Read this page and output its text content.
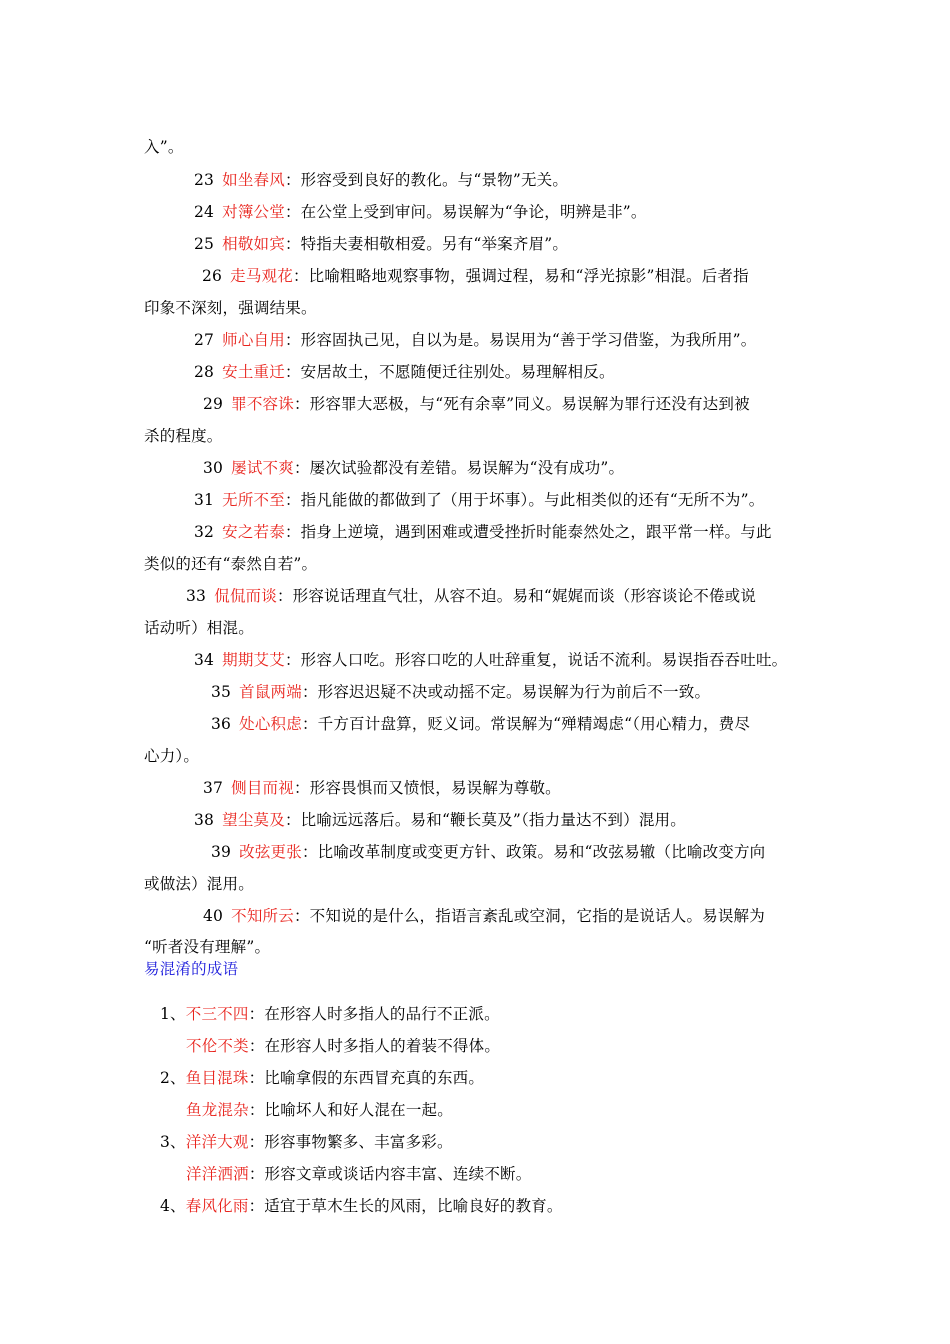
入”。
23 如坐春风：形容受到良好的教化。与“景物”无关。
24 对簿公堂：在公堂上受到审问。易误解为“争论，明辨是非”。
25 相敬如宾：特指夫妻相敬相爱。另有“举案齐眉”。
26 走马观花：比喻粗略地观察事物，强调过程，易和“浮光掠影”相混。后者指
印象不深刻，强调结果。
27 师心自用：形容固执己见，自以为是。易误用为“善于学习借鉴，为我所用”。
28 安土重迁：安居故土，不愿随便迁往别处。易理解相反。
29 罪不容诛：形容罪大恶极，与“死有余辜”同义。易误解为罪行还没有达到被
杀的程度。
30 屡试不爽：屡次试验都没有差错。易误解为“没有成功”。
31 无所不至：指凡能做的都做到了（用于坏事）。与此相类似的还有“无所不为”。
32 安之若泰：指身上逆境，遇到困难或遭受挫折时能泰然处之，跟平常一样。与此
类似的还有“泰然自若”。
33 侃侃而谈：形容说话理直气壮，从容不迫。易和“娓娓而谈（形容谈论不倦或说
话动听）相混。
34 期期艾艾：形容人口吃。形容口吃的人吐辞重复，说话不流利。易误指吞吞吐吐。
35 首鼠两端：形容迟迟疑不决或动摇不定。易误解为行为前后不一致。
36 处心积虑：千方百计盘算，贬义词。常误解为“殚精竭虑“（用心精力，费尽
心力）。
37 侧目而视：形容畏惧而又愤恨，易误解为尊敬。
38 望尘莫及：比喻远远落后。易和“鞭长莫及”（指力量达不到）混用。
39 改弦更张：比喻改革制度或变更方针、政策。易和“改弦易辙（比喻改变方向
或做法）混用。
40 不知所云：不知说的是什么，指语言紊乱或空洞，它指的是说话人。易误解为
“听者没有理解”。
易混淆的成语
1、不三不四：在形容人时多指人的品行不正派。
不伦不类：在形容人时多指人的着装不得体。
2、鱼目混珠：比喻拿假的东西冒充真的东西。
鱼龙混杂：比喻坏人和好人混在一起。
3、洋洋大观：形容事物繁多、丰富多彩。
洋洋洒洒：形容文章或谈话内容丰富、连续不断。
4、春风化雨：适宜于草木生长的风雨，比喻良好的教育。
